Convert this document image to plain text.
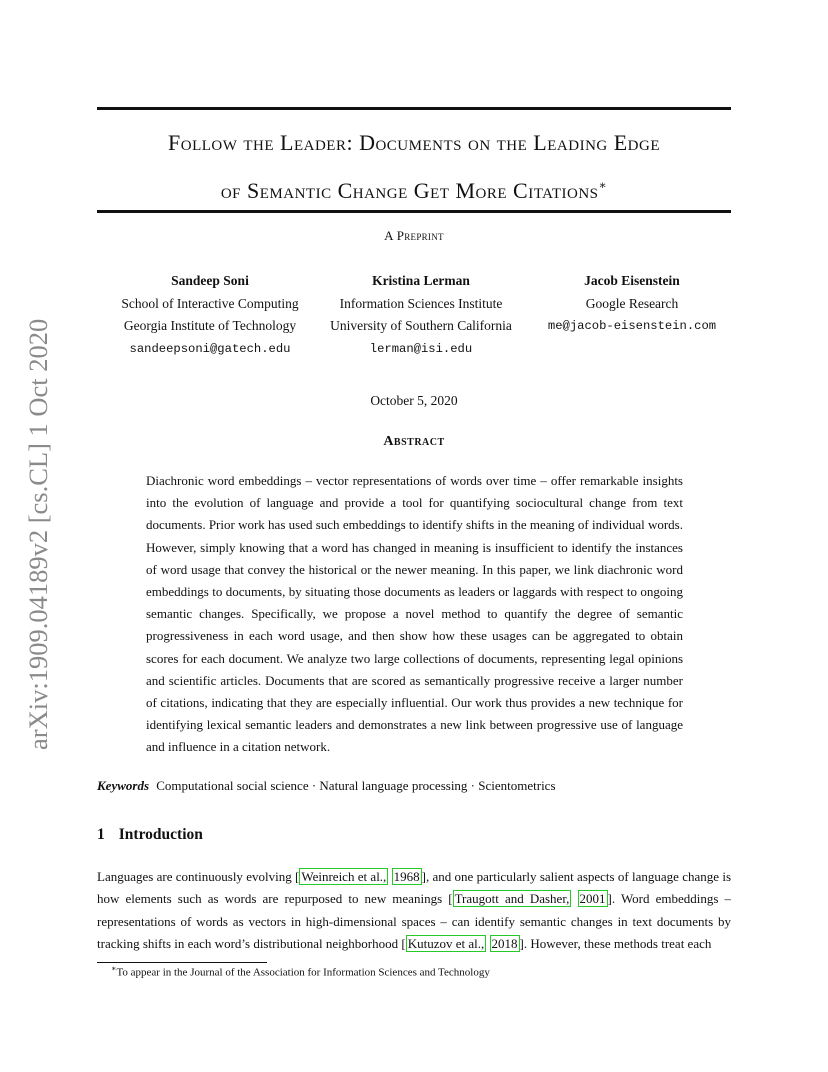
arXiv:1909.04189v2 [cs.CL] 1 Oct 2020
Follow the Leader: Documents on the Leading Edge
of Semantic Change Get More Citations∗
A Preprint
Sandeep Soni
School of Interactive Computing
Georgia Institute of Technology
sandeepsoni@gatech.edu
Kristina Lerman
Information Sciences Institute
University of Southern California
lerman@isi.edu
Jacob Eisenstein
Google Research
me@jacob-eisenstein.com
October 5, 2020
Abstract

Diachronic word embeddings – vector representations of words over time – offer remarkable insights into the evolution of language and provide a tool for quantifying sociocultural change from text documents. Prior work has used such embeddings to identify shifts in the meaning of individual words. However, simply knowing that a word has changed in meaning is insufficient to identify the instances of word usage that convey the historical or the newer meaning. In this paper, we link diachronic word embeddings to documents, by situating those documents as leaders or laggards with respect to ongoing semantic changes. Specifically, we propose a novel method to quantify the degree of semantic progressiveness in each word usage, and then show how these usages can be aggregated to obtain scores for each document. We analyze two large collections of documents, representing legal opinions and scientific articles. Documents that are scored as semantically progressive receive a larger number of citations, indicating that they are especially influential. Our work thus provides a new technique for identifying lexical semantic leaders and demonstrates a new link between progressive use of language and influence in a citation network.

Keywords Computational social science · Natural language processing · Scientometrics
1 Introduction

Languages are continuously evolving [ Weinreich et al., 1968 ], and one particularly salient aspects of language change is how elements such as words are repurposed to new meanings [ Traugott and Dasher, 2001 ]. Word embeddings – representations of words as vectors in high-dimensional spaces – can identify semantic changes in text documents by tracking shifts in each word’s distributional neighborhood [ Kutuzov et al., 2018 ]. However, these methods treat each

∗To appear in the Journal of the Association for Information Sciences and Technology
